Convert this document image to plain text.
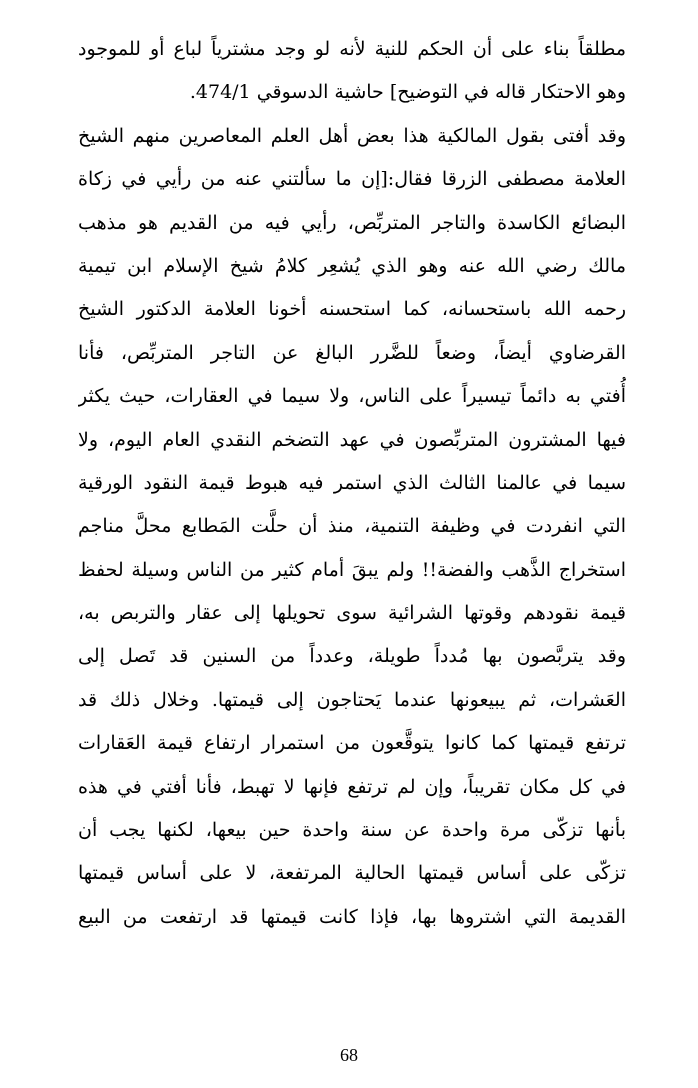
مطلقاً بناء على أن الحكم للنية لأنه لو وجد مشترياً لباع أو للموجود
وهو الاحتكار قاله في التوضيح] حاشية الدسوقي 474/1.
وقد أفتى بقول المالكية هذا بعض أهل العلم المعاصرين منهم الشيخ
العلامة مصطفى الزرقا فقال:[إن ما سألتني عنه من رأيي في زكاة
البضائع الكاسدة والتاجر المتربِّص، رأيي فيه من القديم هو مذهب
مالك رضي الله عنه وهو الذي يُشعِر كلامُ شيخ الإسلام ابن تيمية
رحمه الله باستحسانه، كما استحسنه أخونا العلامة الدكتور الشيخ
القرضاوي أيضاً، وضعاً للضَّرر البالغ عن التاجر المتربِّص، فأنا
أُفتي به دائماً تيسيراً على الناس، ولا سيما في العقارات، حيث يكثر
فيها المشترون المتربِّصون في عهد التضخم النقدي العام اليوم، ولا
سيما في عالمنا الثالث الذي استمر فيه هبوط قيمة النقود الورقية
التي انفردت في وظيفة التنمية، منذ أن حلَّت المَطابع محلَّ مناجم
استخراج الذَّهب والفضة!! ولم يبقَ أمام كثير من الناس وسيلة لحفظ
قيمة نقودهم وقوتها الشرائية سوى تحويلها إلى عقار والتربص به،
وقد يتربَّصون بها مُدداً طويلة، وعدداً من السنين قد تَصل إلى
العَشرات، ثم يبيعونها عندما يَحتاجون إلى قيمتها. وخلال ذلك قد
ترتفع قيمتها كما كانوا يتوقَّعون من استمرار ارتفاع قيمة العَقارات
في كل مكان تقريباً، وإن لم ترتفع فإنها لا تهبط، فأنا أفتي في هذه
بأنها تزكّى مرة واحدة عن سنة واحدة حين بيعها، لكنها يجب أن
تزكّى على أساس قيمتها الحالية المرتفعة، لا على أساس قيمتها
القديمة التي اشتروها بها، فإذا كانت قيمتها قد ارتفعت من البيع
68
